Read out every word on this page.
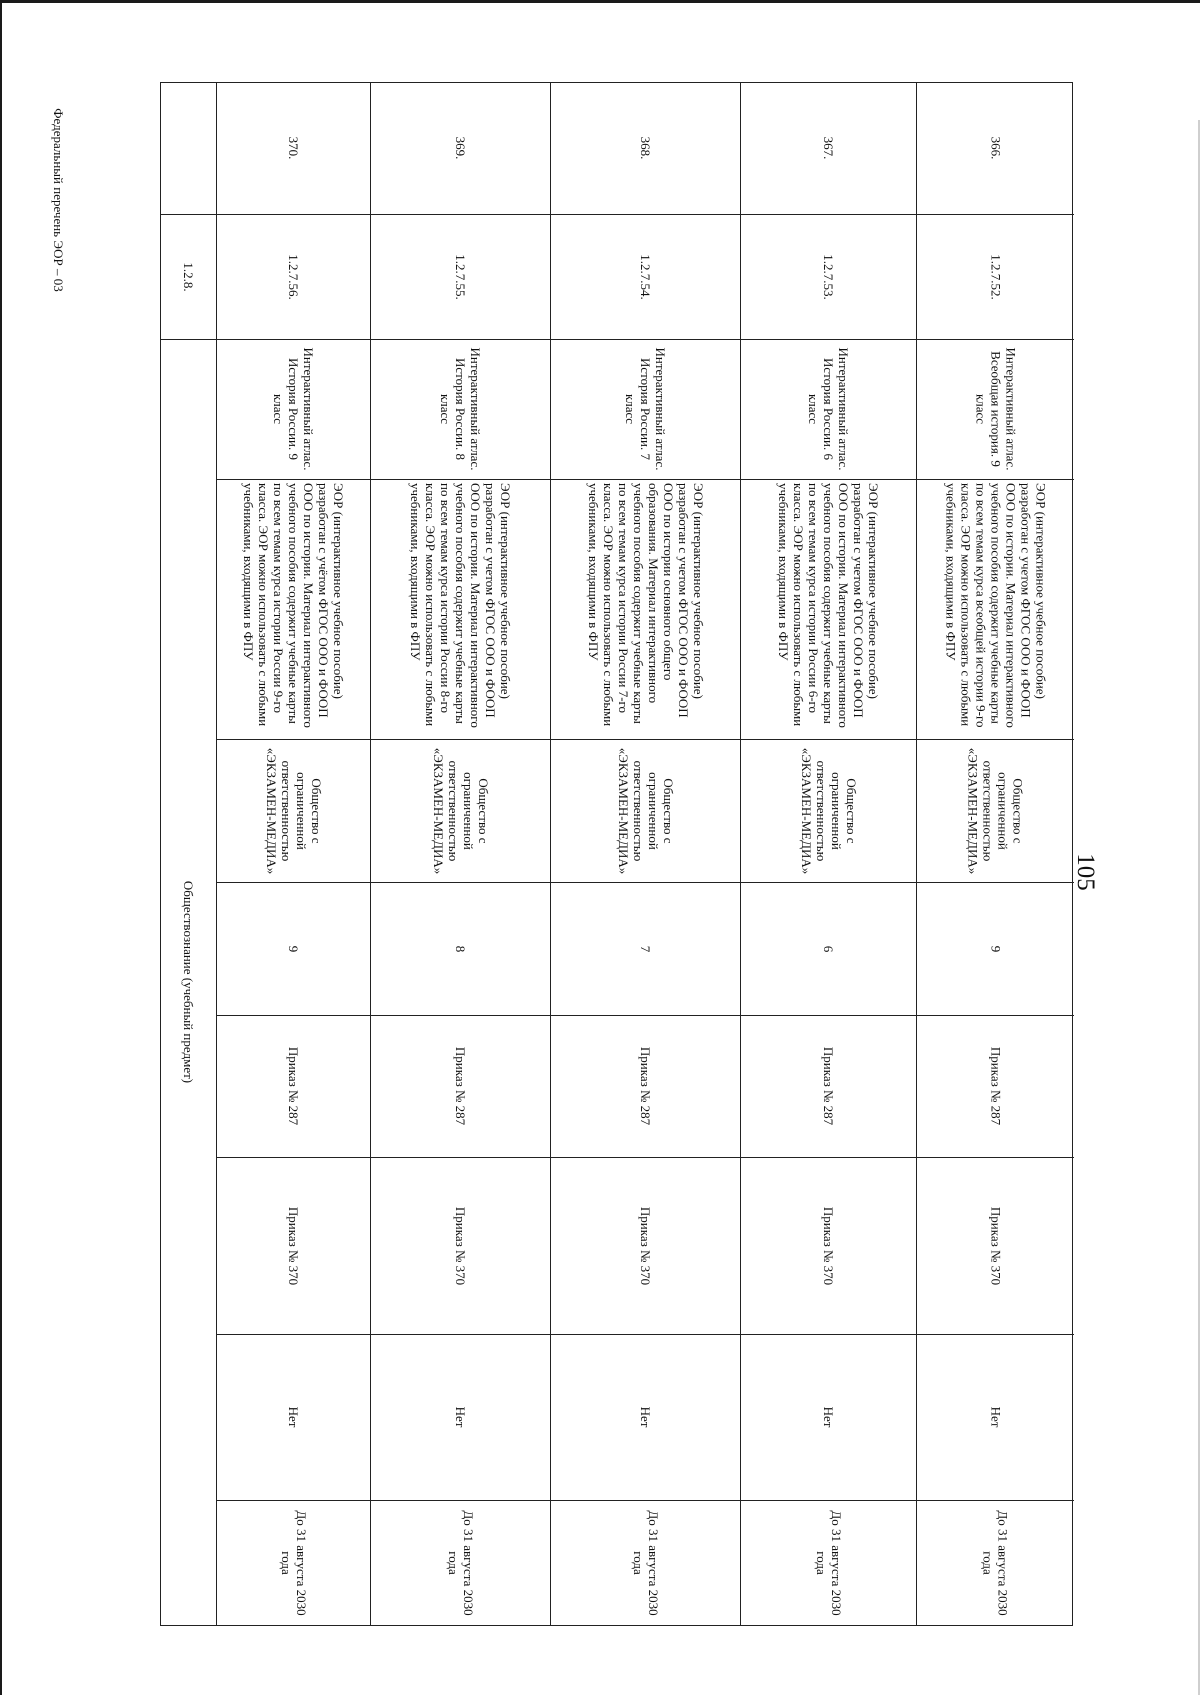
105
Федеральный перечень ЭОР – 03	366.
1.2.7.52.
Интерактивный атлас. Всеобщая история. 9 класс
ЭОР (интерактивное учебное пособие) разработан с учетом ФГОС ООО и ФООП ООО по истории. Материал интерактивного учебного пособия содержит учебные карты по всем темам курса всеобщей истории 9-го класса. ЭОР можно использовать с любыми учебниками, входящими в ФПУ
Общество с ограниченной ответственностью «ЭКЗАМЕН-МЕДИА»
9
Приказ № 287
Приказ № 370
Нет
До 31 августа 2030 года
367.
1.2.7.53.
Интерактивный атлас. История России. 6 класс
ЭОР (интерактивное учебное пособие) разработан с учетом ФГОС ООО и ФООП ООО по истории. Материал интерактивного учебного пособия содержит учебные карты по всем темам курса истории России 6-го класса. ЭОР можно использовать с любыми учебниками, входящими в ФПУ
Общество с ограниченной ответственностью «ЭКЗАМЕН-МЕДИА»
6
Приказ № 287
Приказ № 370
Нет
До 31 августа 2030 года
368.
1.2.7.54.
Интерактивный атлас. История России. 7 класс
ЭОР (интерактивное учебное пособие) разработан с учетом ФГОС ООО и ФООП ООО по истории основного общего образования. Материал интерактивного учебного пособия содержит учебные карты по всем темам курса истории России 7-го класса. ЭОР можно использовать с любыми учебниками, входящими в ФПУ
Общество с ограниченной ответственностью «ЭКЗАМЕН-МЕДИА»
7
Приказ № 287
Приказ № 370
Нет
До 31 августа 2030 года
369.
1.2.7.55.
Интерактивный атлас. История России. 8 класс
ЭОР (интерактивное учебное пособие) разработан с учетом ФГОС ООО и ФООП ООО по истории. Материал интерактивного учебного пособия содержит учебные карты по всем темам курса истории России 8-го класса. ЭОР можно использовать с любыми учебниками, входящими в ФПУ
Общество с ограниченной ответственностью «ЭКЗАМЕН-МЕДИА»
8
Приказ № 287
Приказ № 370
Нет
До 31 августа 2030 года
370.
1.2.7.56.
Интерактивный атлас. История России. 9 класс
ЭОР (интерактивное учебное пособие) разработан с учётом ФГОС ООО и ФООП ООО по истории. Материал интерактивного учебного пособия содержит учебные карты по всем темам курса истории России 9-го класса. ЭОР можно использовать с любыми учебниками, входящими в ФПУ
Общество с ограниченной ответственностью «ЭКЗАМЕН-МЕДИА»
9
Приказ № 287
Приказ № 370
Нет
До 31 августа 2030 года
1.2.8.
Обществознание (учебный предмет)
